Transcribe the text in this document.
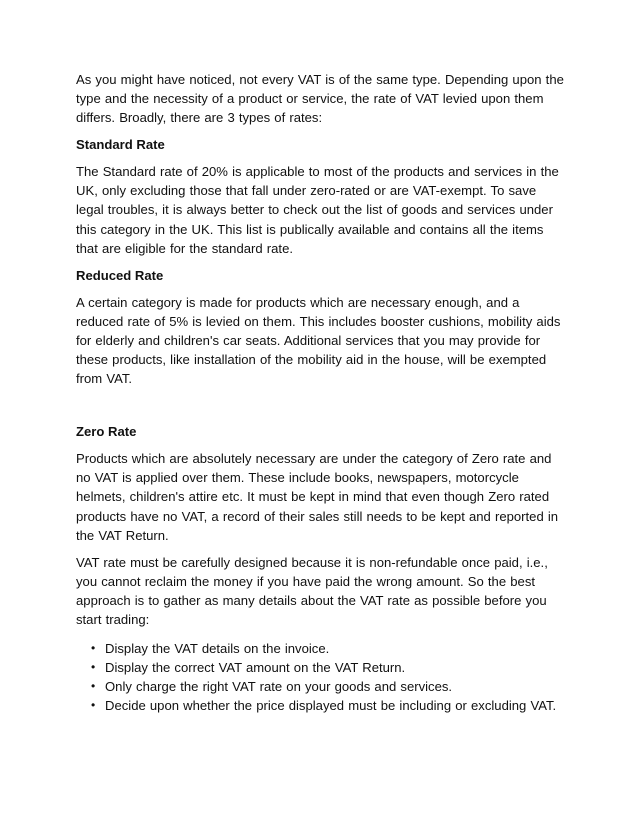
As you might have noticed, not every VAT is of the same type. Depending upon the type and the necessity of a product or service, the rate of VAT levied upon them differs. Broadly, there are 3 types of rates:

Standard Rate

The Standard rate of 20% is applicable to most of the products and services in the UK, only excluding those that fall under zero-rated or are VAT-exempt. To save legal troubles, it is always better to check out the list of goods and services under this category in the UK. This list is publically available and contains all the items that are eligible for the standard rate.

Reduced Rate

A certain category is made for products which are necessary enough, and a reduced rate of 5% is levied on them. This includes booster cushions, mobility aids for elderly and children's car seats. Additional services that you may provide for these products, like installation of the mobility aid in the house, will be exempted from VAT.

Zero Rate

Products which are absolutely necessary are under the category of Zero rate and no VAT is applied over them. These include books, newspapers, motorcycle helmets, children's attire etc. It must be kept in mind that even though Zero rated products have no VAT, a record of their sales still needs to be kept and reported in the VAT Return.

VAT rate must be carefully designed because it is non-refundable once paid, i.e., you cannot reclaim the money if you have paid the wrong amount. So the best approach is to gather as many details about the VAT rate as possible before you start trading:

• Display the VAT details on the invoice.
• Display the correct VAT amount on the VAT Return.
• Only charge the right VAT rate on your goods and services.
• Decide upon whether the price displayed must be including or excluding VAT.
